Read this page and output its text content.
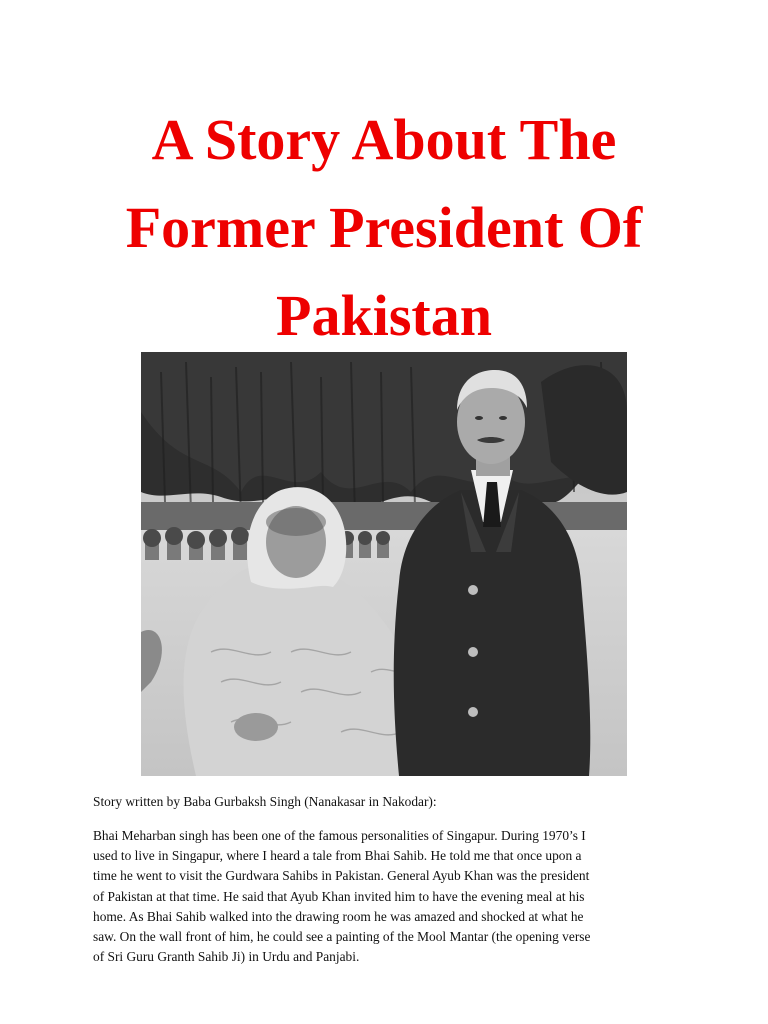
A Story About The
Former President Of
Pakistan

Story written by Baba Gurbaksh Singh (Nanakasar in Nakodar):

Bhai Meharban singh has been one of the famous personalities of Singapur. During 1970’s I
used to live in Singapur, where I heard a tale from Bhai Sahib. He told me that once upon a
time he went to visit the Gurdwara Sahibs in Pakistan. General Ayub Khan was the president
of Pakistan at that time. He said that Ayub Khan invited him to have the evening meal at his
home. As Bhai Sahib walked into the drawing room he was amazed and shocked at what he
saw. On the wall front of him, he could see a painting of the Mool Mantar (the opening verse
of Sri Guru Granth Sahib Ji) in Urdu and Panjabi.
